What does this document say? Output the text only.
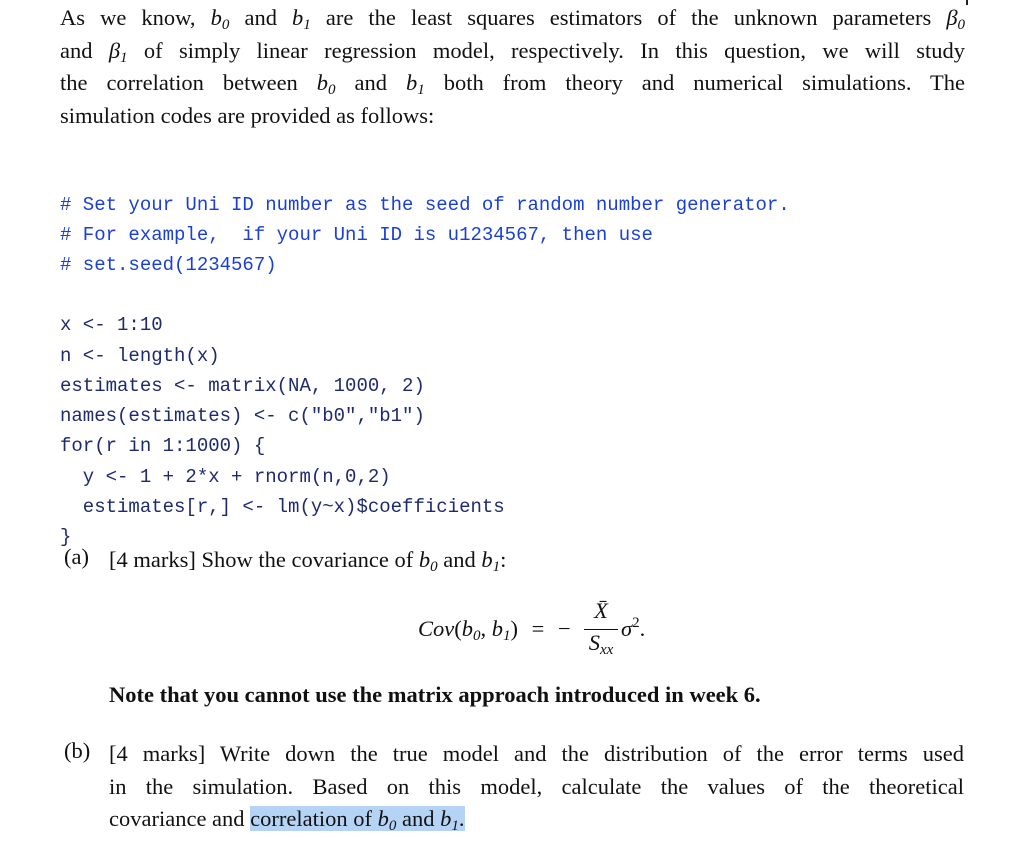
As we know, $b_0$ and $b_1$ are the least squares estimators of the unknown parameters $\beta_0$
and $\beta_1$ of simply linear regression model, respectively. In this question, we will study
the correlation between $b_0$ and $b_1$ both from theory and numerical simulations. The
simulation codes are provided as follows:

# Set your Uni ID number as the seed of random number generator.
# For example,  if your Uni ID is u1234567, then use
# set.seed(1234567)

x <- 1:10
n <- length(x)
estimates <- matrix(NA, 1000, 2)
names(estimates) <- c("b0","b1")
for(r in 1:1000) {
y <- 1 + 2*x + rnorm(n,0,2)
estimates[r,] <- lm(y~x)$coefficients
}

(a) [4 marks] Show the covariance of $b_0$ and $b_1$:
$Cov(b_0$, $b_1$) = −
X̄
$S_{xx}$
$\sigma^2$.
Note that you cannot use the matrix approach introduced in week 6.
(b) [4 marks] Write down the true model and the distribution of the error terms used
in the simulation. Based on this model, calculate the values of the theoretical
covariance and correlation of $b_0$ and $b_1$.
